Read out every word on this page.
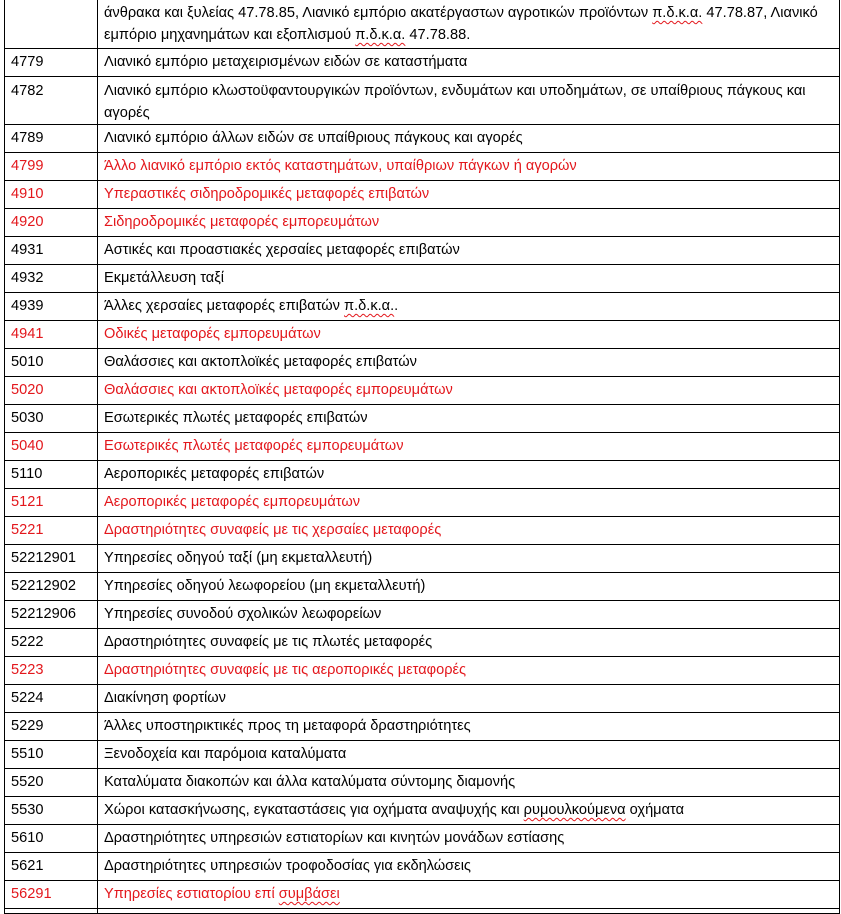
	άνθρακα και ξυλείας 47.78.85, Λιανικό εμπόριο ακατέργαστων αγροτικών προϊόντων π.δ.κ.α. 47.78.87, Λιανικό εμπόριο μηχανημάτων και εξοπλισμού π.δ.κ.α. 47.78.88.
4779	Λιανικό εμπόριο μεταχειρισμένων ειδών σε καταστήματα
4782	Λιανικό εμπόριο κλωστοϋφαντουργικών προϊόντων, ενδυμάτων και υποδημάτων, σε υπαίθριους πάγκους και αγορές
4789	Λιανικό εμπόριο άλλων ειδών σε υπαίθριους πάγκους και αγορές
4799	Άλλο λιανικό εμπόριο εκτός καταστημάτων, υπαίθριων πάγκων ή αγορών
4910	Υπεραστικές σιδηροδρομικές μεταφορές επιβατών
4920	Σιδηροδρομικές μεταφορές εμπορευμάτων
4931	Αστικές και προαστιακές χερσαίες μεταφορές επιβατών
4932	Εκμετάλλευση ταξί
4939	Άλλες χερσαίες μεταφορές επιβατών π.δ.κ.α..
4941	Οδικές μεταφορές εμπορευμάτων
5010	Θαλάσσιες και ακτοπλοϊκές μεταφορές επιβατών
5020	Θαλάσσιες και ακτοπλοϊκές μεταφορές εμπορευμάτων
5030	Εσωτερικές πλωτές μεταφορές επιβατών
5040	Εσωτερικές πλωτές μεταφορές εμπορευμάτων
5110	Αεροπορικές μεταφορές επιβατών
5121	Αεροπορικές μεταφορές εμπορευμάτων
5221	Δραστηριότητες συναφείς με τις χερσαίες μεταφορές
52212901	Υπηρεσίες οδηγού ταξί (μη εκμεταλλευτή)
52212902	Υπηρεσίες οδηγού λεωφορείου (μη εκμεταλλευτή)
52212906	Υπηρεσίες συνοδού σχολικών λεωφορείων
5222	Δραστηριότητες συναφείς με τις πλωτές μεταφορές
5223	Δραστηριότητες συναφείς με τις αεροπορικές μεταφορές
5224	Διακίνηση φορτίων
5229	Άλλες υποστηρικτικές προς τη μεταφορά δραστηριότητες
5510	Ξενοδοχεία και παρόμοια καταλύματα
5520	Καταλύματα διακοπών και άλλα καταλύματα σύντομης διαμονής
5530	Χώροι κατασκήνωσης, εγκαταστάσεις για οχήματα αναψυχής και ρυμουλκούμενα οχήματα
5610	Δραστηριότητες υπηρεσιών εστιατορίων και κινητών μονάδων εστίασης
5621	Δραστηριότητες υπηρεσιών τροφοδοσίας για εκδηλώσεις
56291	Υπηρεσίες εστιατορίου επί συμβάσει
